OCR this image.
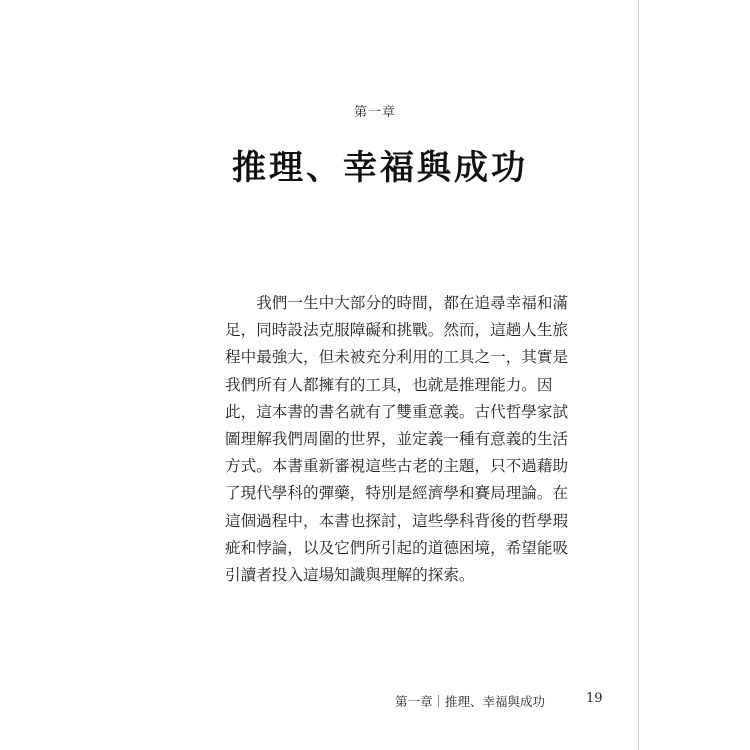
第一章
推理、幸福與成功
　　我們一生中大部分的時間，都在追尋幸福和滿
足，同時設法克服障礙和挑戰。然而，這趟人生旅
程中最強大，但未被充分利用的工具之一，其實是
我們所有人都擁有的工具，也就是推理能力。因
此，這本書的書名就有了雙重意義。古代哲學家試
圖理解我們周圍的世界，並定義一種有意義的生活
方式。本書重新審視這些古老的主題，只不過藉助
了現代學科的彈藥，特別是經濟學和賽局理論。在
這個過程中，本書也探討，這些學科背後的哲學瑕
疵和悖論，以及它們所引起的道德困境，希望能吸
引讀者投入這場知識與理解的探索。
第一章｜推理、幸福與成功	19
